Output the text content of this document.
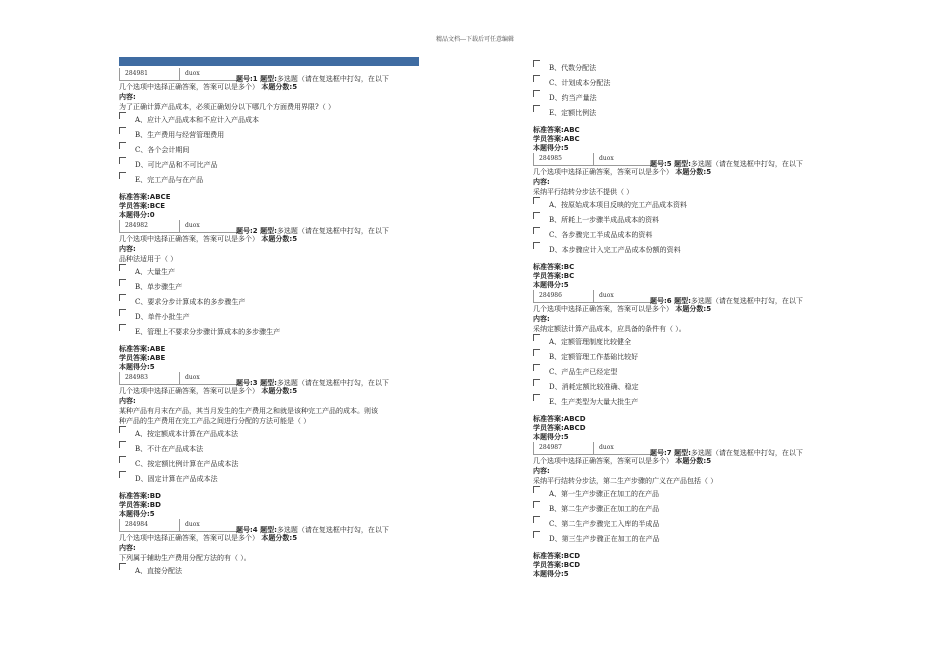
精品文档---下载后可任意编辑
284981	duox
题号:1 题型:多选题（请在复选框中打勾，在以下
几个选项中选择正确答案，答案可以是多个） 本题分数:5
内容:
为了正确计算产品成本，必须正确划分以下哪几个方面费用界限?（ ）
A、应计入产品成本和不应计入产品成本
B、生产费用与经营管理费用
C、各个会计期间
D、可比产品和不可比产品
E、完工产品与在产品
标准答案:ABCE
学员答案:BCE
本题得分:0
284982	duox
题号:2 题型:多选题（请在复选框中打勾，在以下
几个选项中选择正确答案，答案可以是多个） 本题分数:5
内容:
品种法适用于（ ）
A、大量生产
B、单步骤生产
C、要求分步计算成本的多步骤生产
D、单件小批生产
E、管理上不要求分步骤计算成本的多步骤生产
标准答案:ABE
学员答案:ABE
本题得分:5
284983	duox
题号:3 题型:多选题（请在复选框中打勾，在以下
几个选项中选择正确答案，答案可以是多个） 本题分数:5
内容:
某种产品有月末在产品，其当月发生的生产费用之和就是该种完工产品的成本。则该
种产品的生产费用在完工产品之间进行分配的方法可能是（ ）
A、按定额成本计算在产品成本法
B、不计在产品成本法
C、按定额比例计算在产品成本法
D、固定计算在产品成本法
标准答案:BD
学员答案:BD
本题得分:5
284984	duox
题号:4 题型:多选题（请在复选框中打勾，在以下
几个选项中选择正确答案，答案可以是多个） 本题分数:5
内容:
下列属于辅助生产费用分配方法的有（ ）。
A、直接分配法
B、代数分配法
C、计划成本分配法
D、约当产量法
E、定额比例法
标准答案:ABC
学员答案:ABC
本题得分:5
284985	duox
题号:5 题型:多选题（请在复选框中打勾，在以下
几个选项中选择正确答案，答案可以是多个） 本题分数:5
内容:
采纳平行结转分步法不提供（ ）
A、按原始成本项目反映的完工产品成本资料
B、所耗上一步骤半成品成本的资料
C、各步骤完工半成品成本的资料
D、本步骤应计入完工产品成本份额的资料
标准答案:BC
学员答案:BC
本题得分:5
284986	duox
题号:6 题型:多选题（请在复选框中打勾，在以下
几个选项中选择正确答案，答案可以是多个） 本题分数:5
内容:
采纳定额法计算产品成本，应具备的条件有（ ）。
A、定额管理制度比较健全
B、定额管理工作基础比较好
C、产品生产已经定型
D、消耗定额比较准确、稳定
E、生产类型为大量大批生产
标准答案:ABCD
学员答案:ABCD
本题得分:5
284987	duox
题号:7 题型:多选题（请在复选框中打勾，在以下
几个选项中选择正确答案，答案可以是多个） 本题分数:5
内容:
采纳平行结转分步法，第二生产步骤的广义在产品包括（ ）
A、第一生产步骤正在加工的在产品
B、第二生产步骤正在加工的在产品
C、第二生产步骤完工入库的半成品
D、第三生产步骤正在加工的在产品
标准答案:BCD
学员答案:BCD
本题得分:5
